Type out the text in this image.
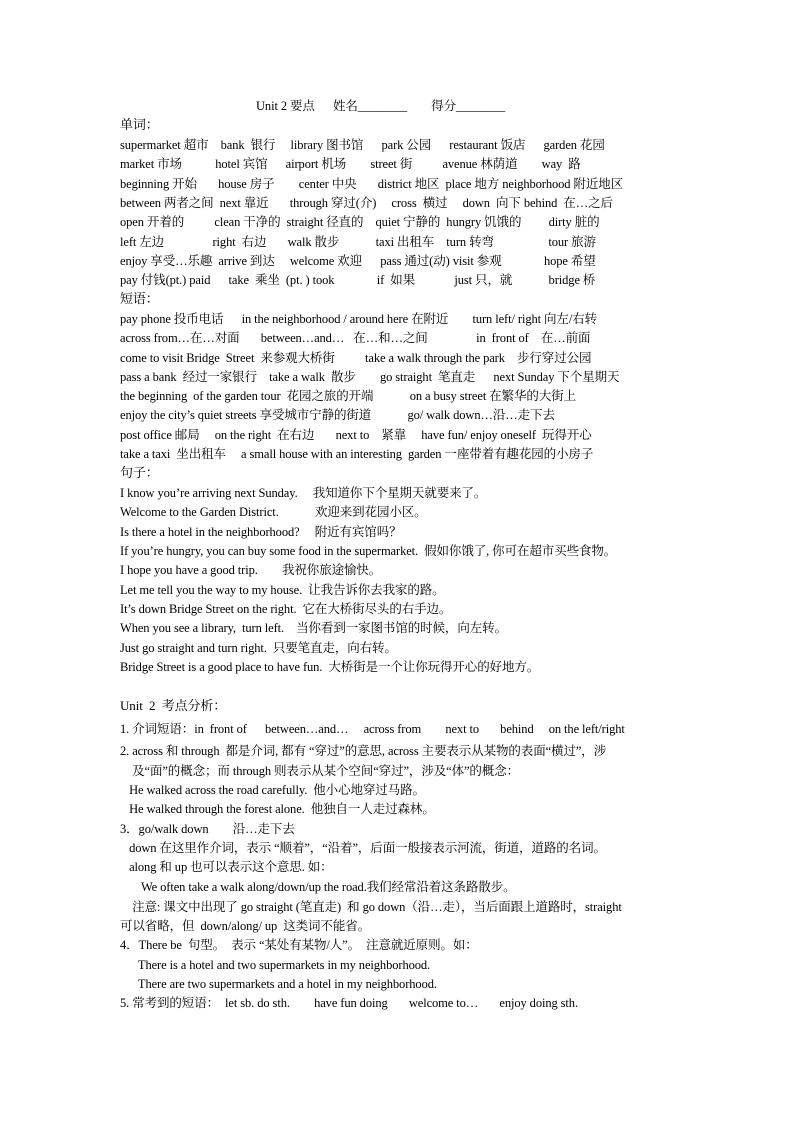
Unit 2 要点      姓名________        得分________
单词：
supermarket 超市    bank  银行     library 图书馆      park 公园      restaurant 饭店      garden 花园
market 市场           hotel 宾馆      airport 机场        street 街          avenue 林荫道        way  路
beginning 开始       house 房子        center 中央       district 地区  place 地方 neighborhood 附近地区
between 两者之间  next 靠近       through 穿过(介)     cross  横过     down  向下 behind  在…之后
open 开着的          clean 干净的  straight 径直的    quiet 宁静的  hungry 饥饿的         dirty 脏的
left 左边                right  右边       walk 散步            taxi 出租车    turn 转弯                  tour 旅游
enjoy 享受…乐趣  arrive 到达     welcome 欢迎      pass 通过(动) visit 参观              hope 希望
pay 付钱(pt.) paid      take  乘坐  (pt. ) took              if  如果             just 只，就            bridge 桥
短语：
pay phone 投币电话      in the neighborhood / around here 在附近        turn left/ right 向左/右转
across from…在…对面       between…and…   在…和…之间                in  front of    在…前面
come to visit Bridge  Street  来参观大桥街          take a walk through the park    步行穿过公园
pass a bank  经过一家银行    take a walk  散步        go straight  笔直走      next Sunday 下个星期天
the beginning  of the garden tour  花园之旅的开端            on a busy street 在繁华的大街上
enjoy the city’s quiet streets 享受城市宁静的街道            go/ walk down…沿…走下去
post office 邮局     on the right  在右边       next to    紧靠     have fun/ enjoy oneself  玩得开心
take a taxi  坐出租车     a small house with an interesting  garden 一座带着有趣花园的小房子
句子：
I know you’re arriving next Sunday.     我知道你下个星期天就要来了。
Welcome to the Garden District.            欢迎来到花园小区。
Is there a hotel in the neighborhood?     附近有宾馆吗？
If you’re hungry, you can buy some food in the supermarket.  假如你饿了, 你可在超市买些食物。
I hope you have a good trip.        我祝你旅途愉快。
Let me tell you the way to my house.  让我告诉你去我家的路。
It’s down Bridge Street on the right.  它在大桥街尽头的右手边。
When you see a library,  turn left.    当你看到一家图书馆的时候，向左转。
Just go straight and turn right.  只要笔直走，向右转。
Bridge Street is a good place to have fun.  大桥街是一个让你玩得开心的好地方。
Unit  2  考点分析：
1. 介词短语：in  front of      between…and…     across from        next to       behind     on the left/right
2. across 和 through  都是介词, 都有 “穿过”的意思, across 主要表示从某物的表面“横过”，涉
及“面”的概念；而 through 则表示从某个空间“穿过”，涉及“体”的概念：
He walked across the road carefully.  他小心地穿过马路。
He walked through the forest alone.  他独自一人走过森林。
3．go/walk down        沿…走下去
down 在这里作介词，表示 “顺着”，“沿着”，后面一般接表示河流，街道，道路的名词。
along 和 up 也可以表示这个意思. 如：
We often take a walk along/down/up the road.我们经常沿着这条路散步。
注意: 课文中出现了 go straight (笔直走)  和 go down（沿…走），当后面跟上道路时，straight
可以省略，但  down/along/ up  这类词不能省。
4．There be  句型。  表示 “某处有某物/人”。  注意就近原则。如：
There is a hotel and two supermarkets in my neighborhood.
There are two supermarkets and a hotel in my neighborhood.
5. 常考到的短语：  let sb. do sth.        have fun doing       welcome to…       enjoy doing sth.
